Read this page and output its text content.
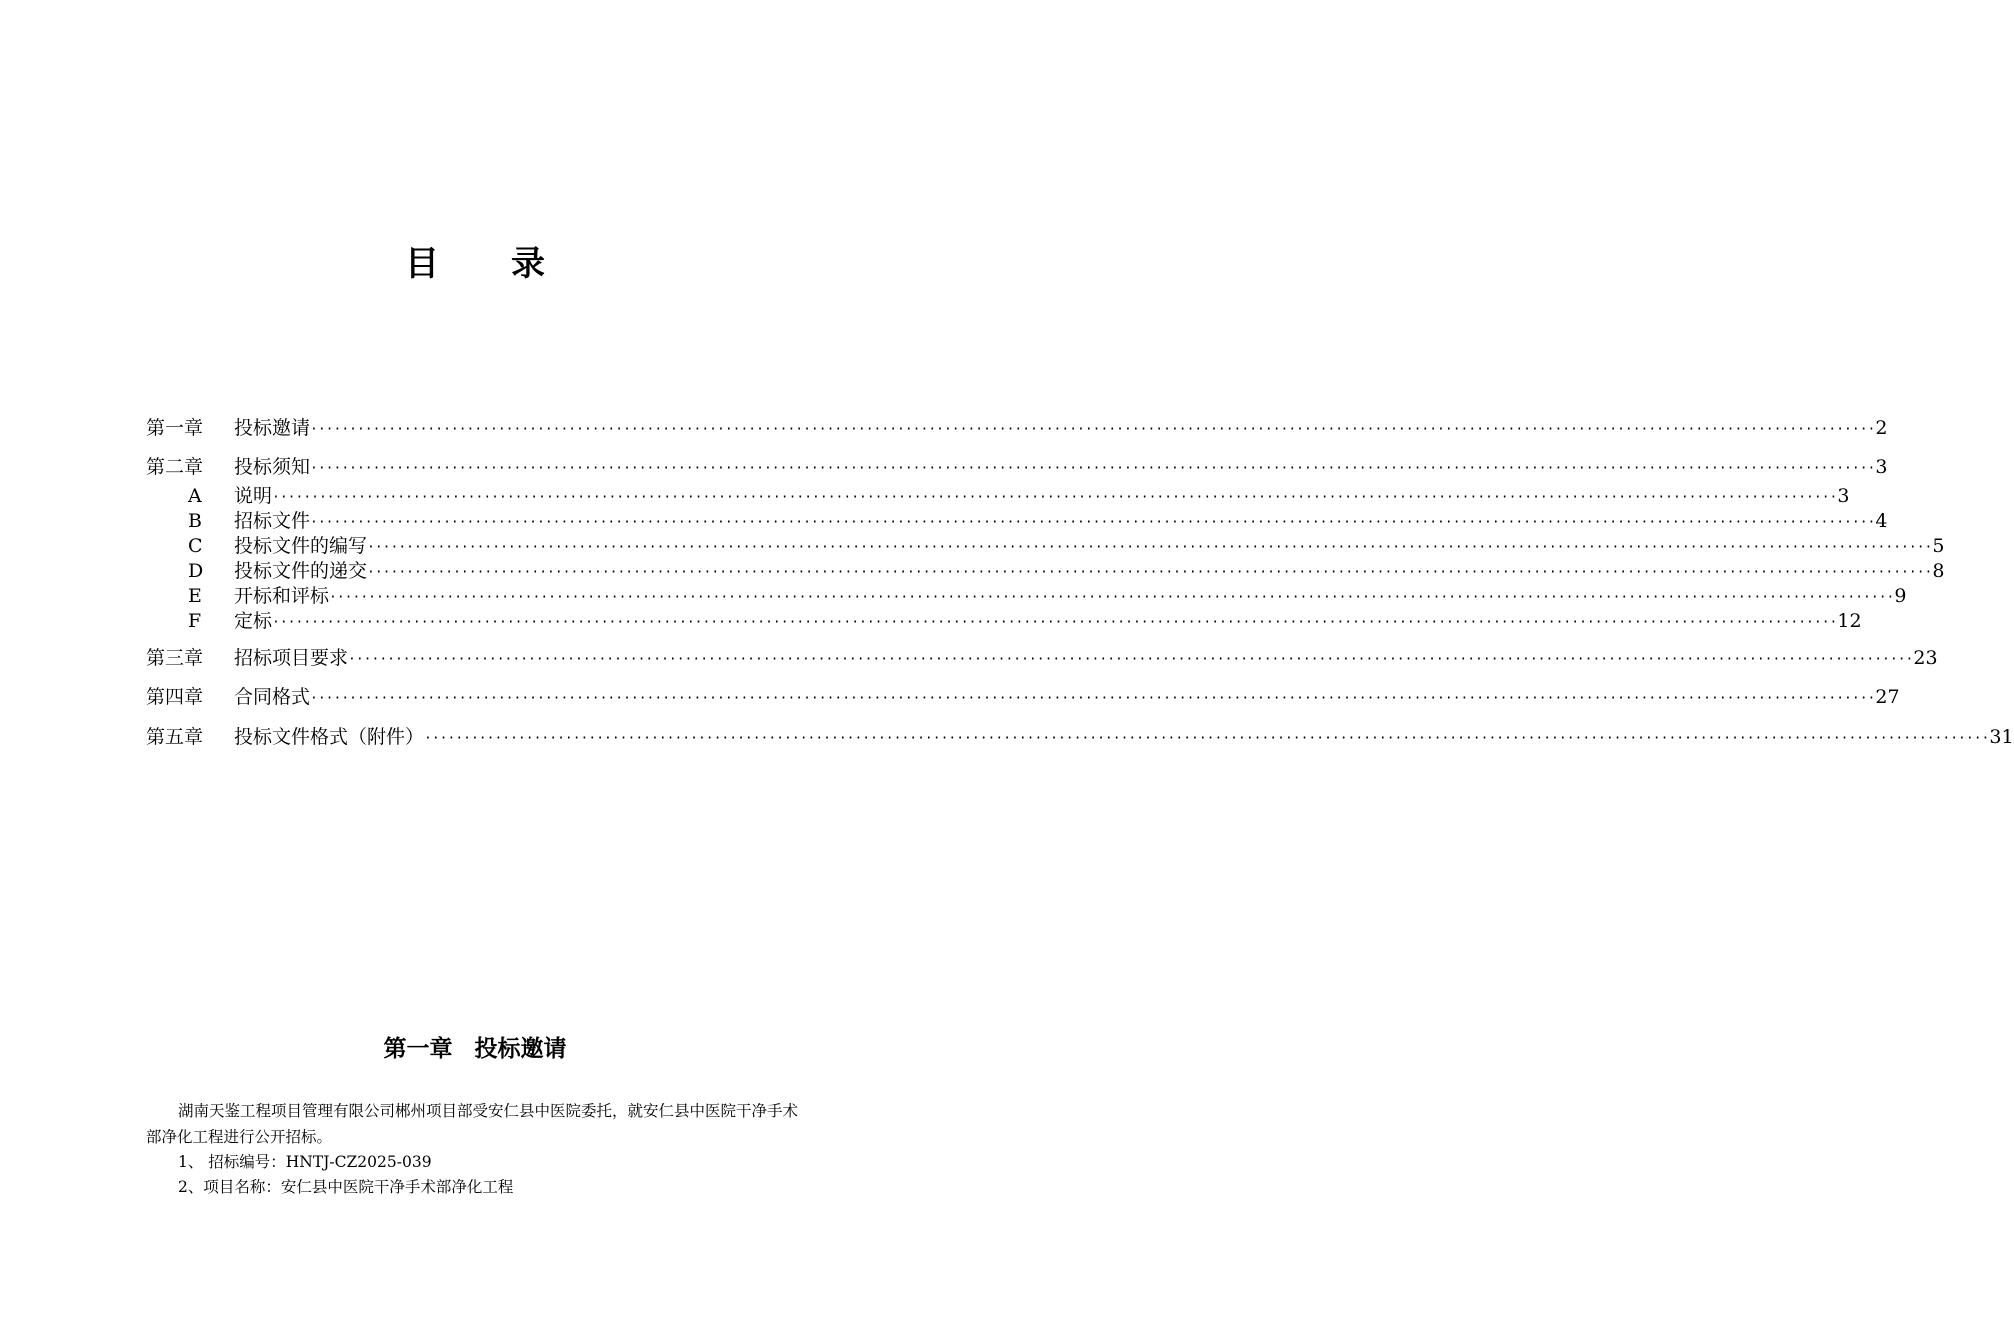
目 录
第一章	投标邀请 ········································································································································································································ 2
第二章	投标须知 ········································································································································································································ 3
A	说明 ········································································································································································································ 3
B	招标文件 ········································································································································································································ 4
C	投标文件的编写 ········································································································································································································ 5
D	投标文件的递交 ········································································································································································································ 8
E	开标和评标 ········································································································································································································ 9
F	定标 ········································································································································································································ 12
第三章	招标项目要求 ········································································································································································································ 23
第四章	合同格式 ········································································································································································································ 27
第五章	投标文件格式（附件） ········································································································································································································ 31
第一章 投标邀请
湖南天鉴工程项目管理有限公司郴州项目部受安仁县中医院委托，就安仁县中医院干净手术部净化工程进行公开招标。
1、 招标编号：HNTJ-CZ2025-039
2、项目名称：安仁县中医院干净手术部净化工程
